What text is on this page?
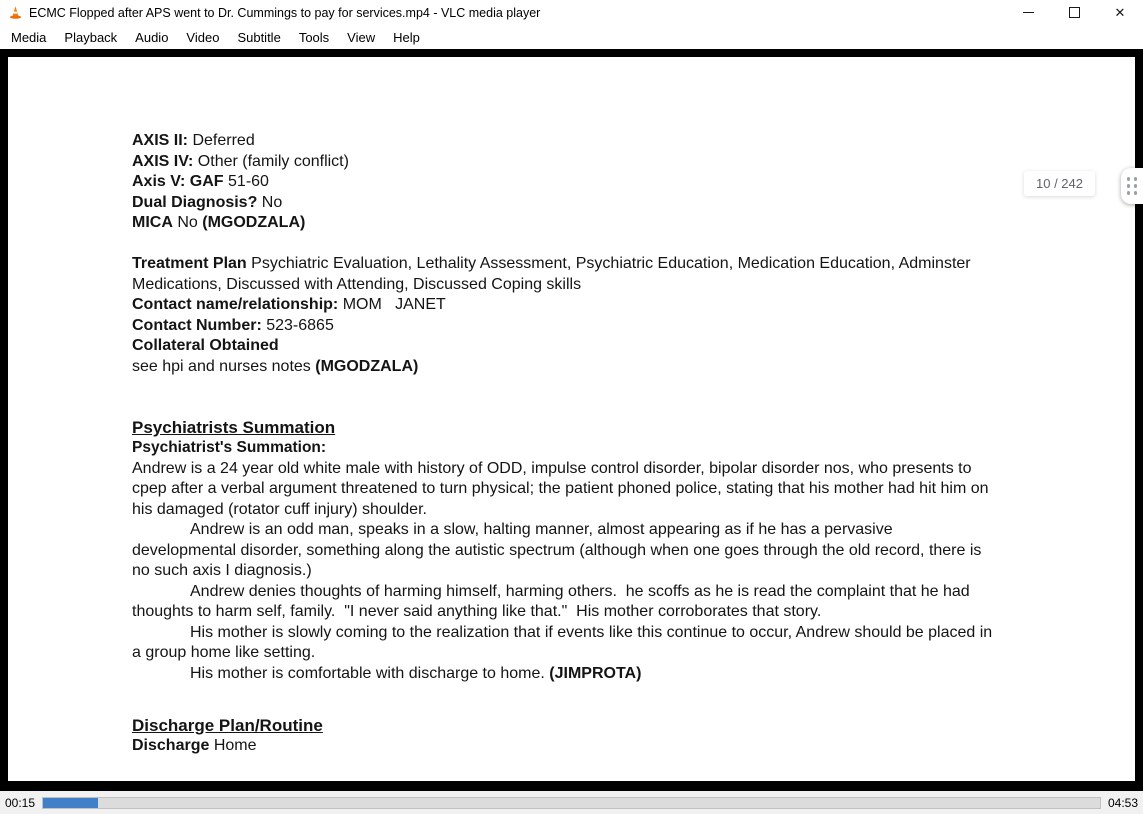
ECMC Flopped after APS went to Dr. Cummings to pay for services.mp4 - VLC media player	✕
Media	Playback	Audio	Video	Subtitle	Tools	View	Help
AXIS II: Deferred
AXIS IV: Other (family conflict)
Axis V: GAF 51-60
Dual Diagnosis? No
MICA No (MGODZALA)
Treatment Plan Psychiatric Evaluation, Lethality Assessment, Psychiatric Education, Medication Education, Adminster Medications, Discussed with Attending, Discussed Coping skills
Contact name/relationship: MOM   JANET
Contact Number: 523-6865
Collateral Obtained
see hpi and nurses notes (MGODZALA)
Psychiatrists Summation
Psychiatrist's Summation:
Andrew is a 24 year old white male with history of ODD, impulse control disorder, bipolar disorder nos, who presents to cpep after a verbal argument threatened to turn physical; the patient phoned police, stating that his mother had hit him on his damaged (rotator cuff injury) shoulder.
Andrew is an odd man, speaks in a slow, halting manner, almost appearing as if he has a pervasive developmental disorder, something along the autistic spectrum (although when one goes through the old record, there is no such axis I diagnosis.)
Andrew denies thoughts of harming himself, harming others.  he scoffs as he is read the complaint that he had thoughts to harm self, family.  "I never said anything like that."  His mother corroborates that story.
His mother is slowly coming to the realization that if events like this continue to occur, Andrew should be placed in a group home like setting.
His mother is comfortable with discharge to home. (JIMPROTA)
Discharge Plan/Routine
Discharge Home
10 / 242
00:15	04:53
